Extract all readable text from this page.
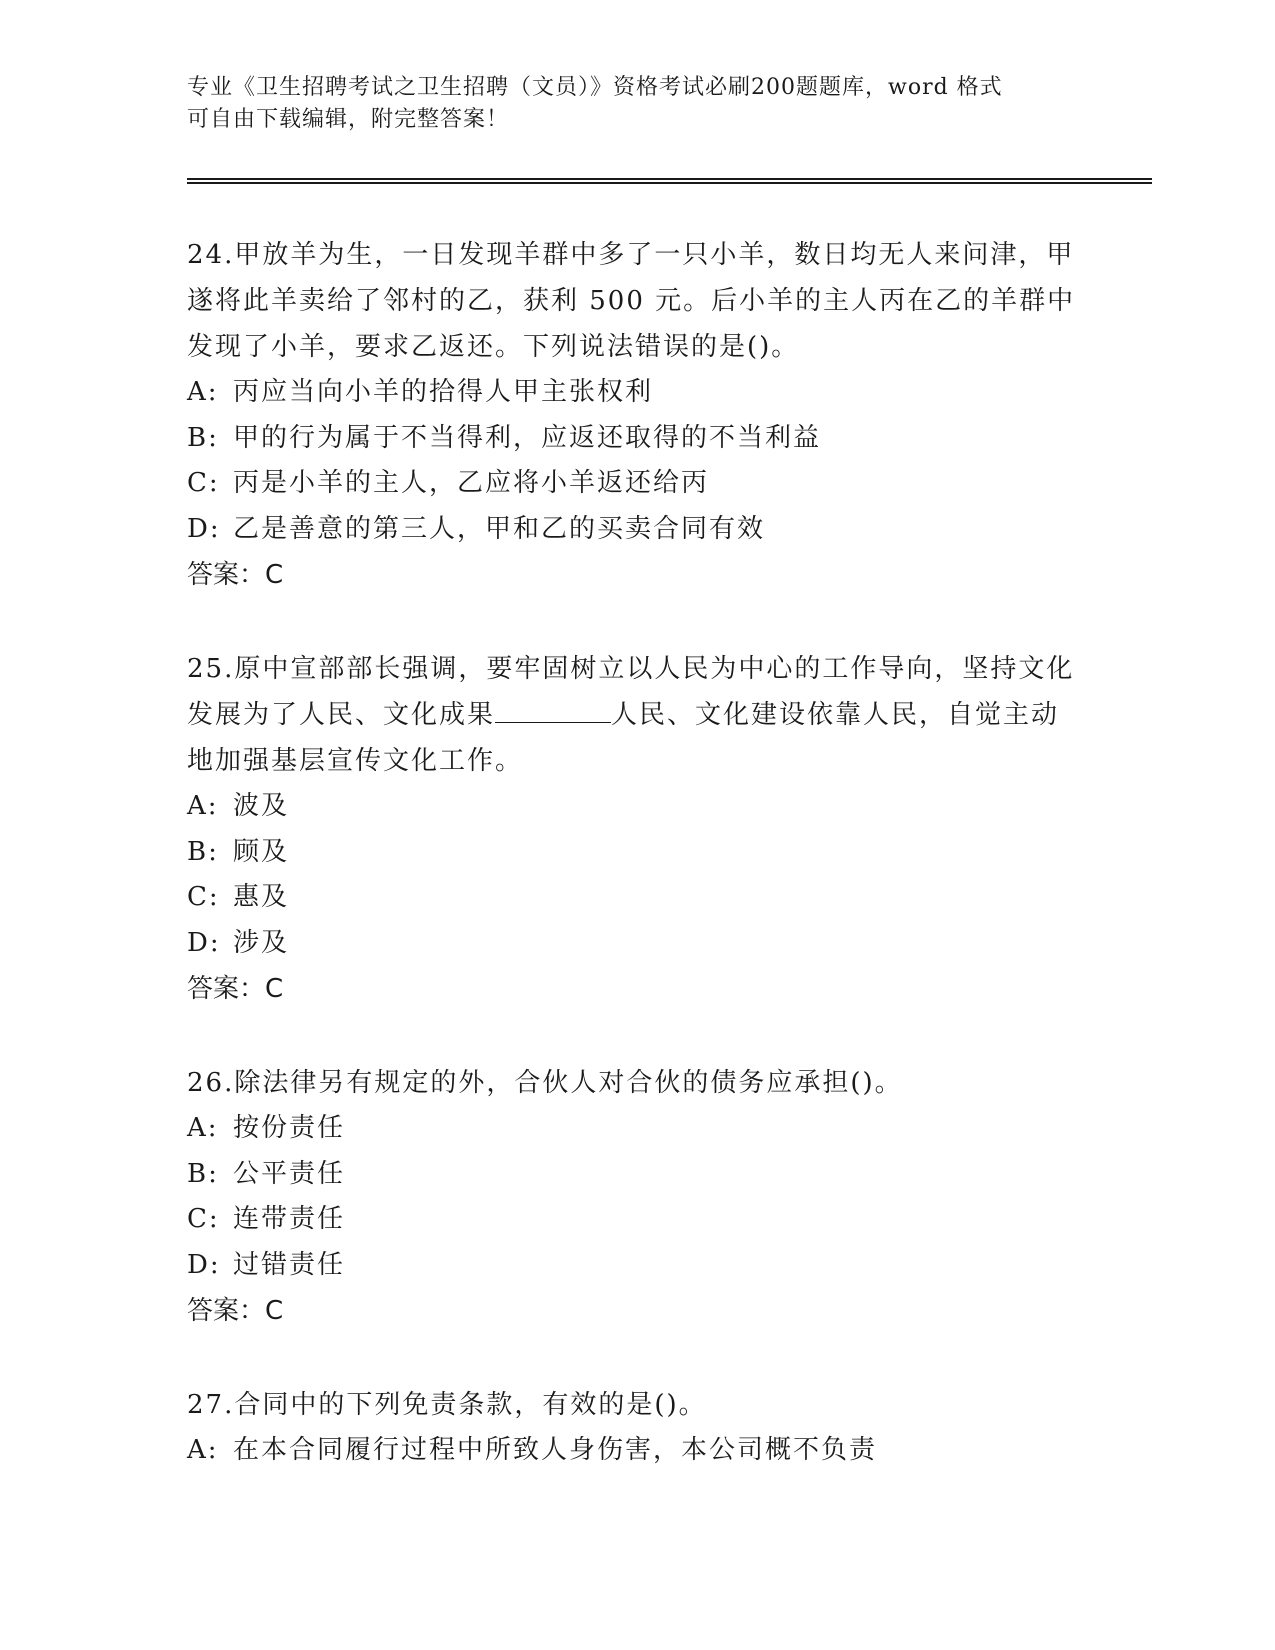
专业《卫生招聘考试之卫生招聘（文员）》资格考试必刷200题题库，word 格式
可自由下载编辑，附完整答案！

24.甲放羊为生，一日发现羊群中多了一只小羊，数日均无人来问津，甲遂将此羊卖给了邻村的乙，获利 500 元。后小羊的主人丙在乙的羊群中发现了小羊，要求乙返还。下列说法错误的是()。

A: 丙应当向小羊的拾得人甲主张权利

B: 甲的行为属于不当得利，应返还取得的不当利益

C: 丙是小羊的主人，乙应将小羊返还给丙

D: 乙是善意的第三人，甲和乙的买卖合同有效

答案：C

25.原中宣部部长强调，要牢固树立以人民为中心的工作导向，坚持文化发展为了人民、文化成果	人民、文化建设依靠人民，自觉主动地加强基层宣传文化工作。

A: 波及

B: 顾及

C: 惠及

D: 涉及

答案：C

26.除法律另有规定的外，合伙人对合伙的债务应承担()。

A: 按份责任

B: 公平责任

C: 连带责任

D: 过错责任

答案：C

27.合同中的下列免责条款，有效的是()。

A: 在本合同履行过程中所致人身伤害，本公司概不负责
